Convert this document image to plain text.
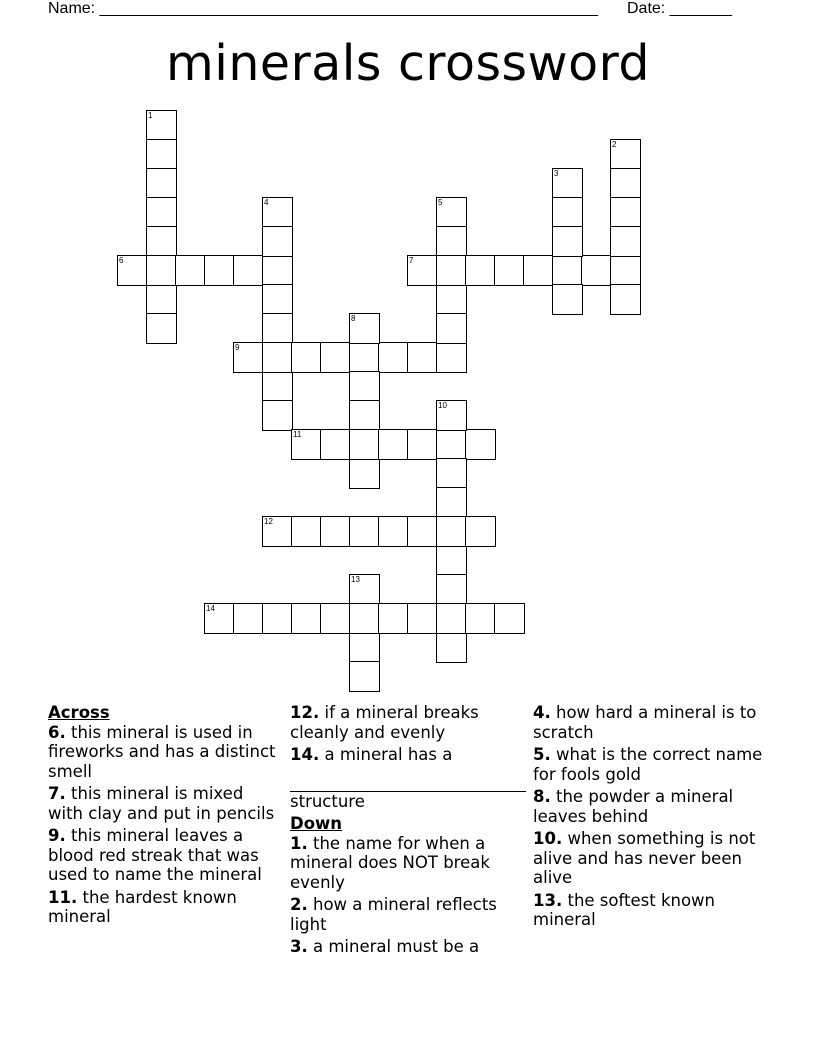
Name: ________________________________________________________ Date: _______
minerals crossword
1
6
4
9
5
7
2
3
8
11
10
12
13
14
Across
6. this mineral is used in fireworks and has a distinct smell
7. this mineral is mixed with clay and put in pencils
9. this mineral leaves a blood red streak that was used to name the mineral
11. the hardest known mineral
12. if a mineral breaks cleanly and evenly
14. a mineral has a
structure
Down
1. the name for when a mineral does NOT break evenly
2. how a mineral reflects light
3. a mineral must be a
4. how hard a mineral is to scratch
5. what is the correct name for fools gold
8. the powder a mineral leaves behind
10. when something is not alive and has never been alive
13. the softest known mineral
